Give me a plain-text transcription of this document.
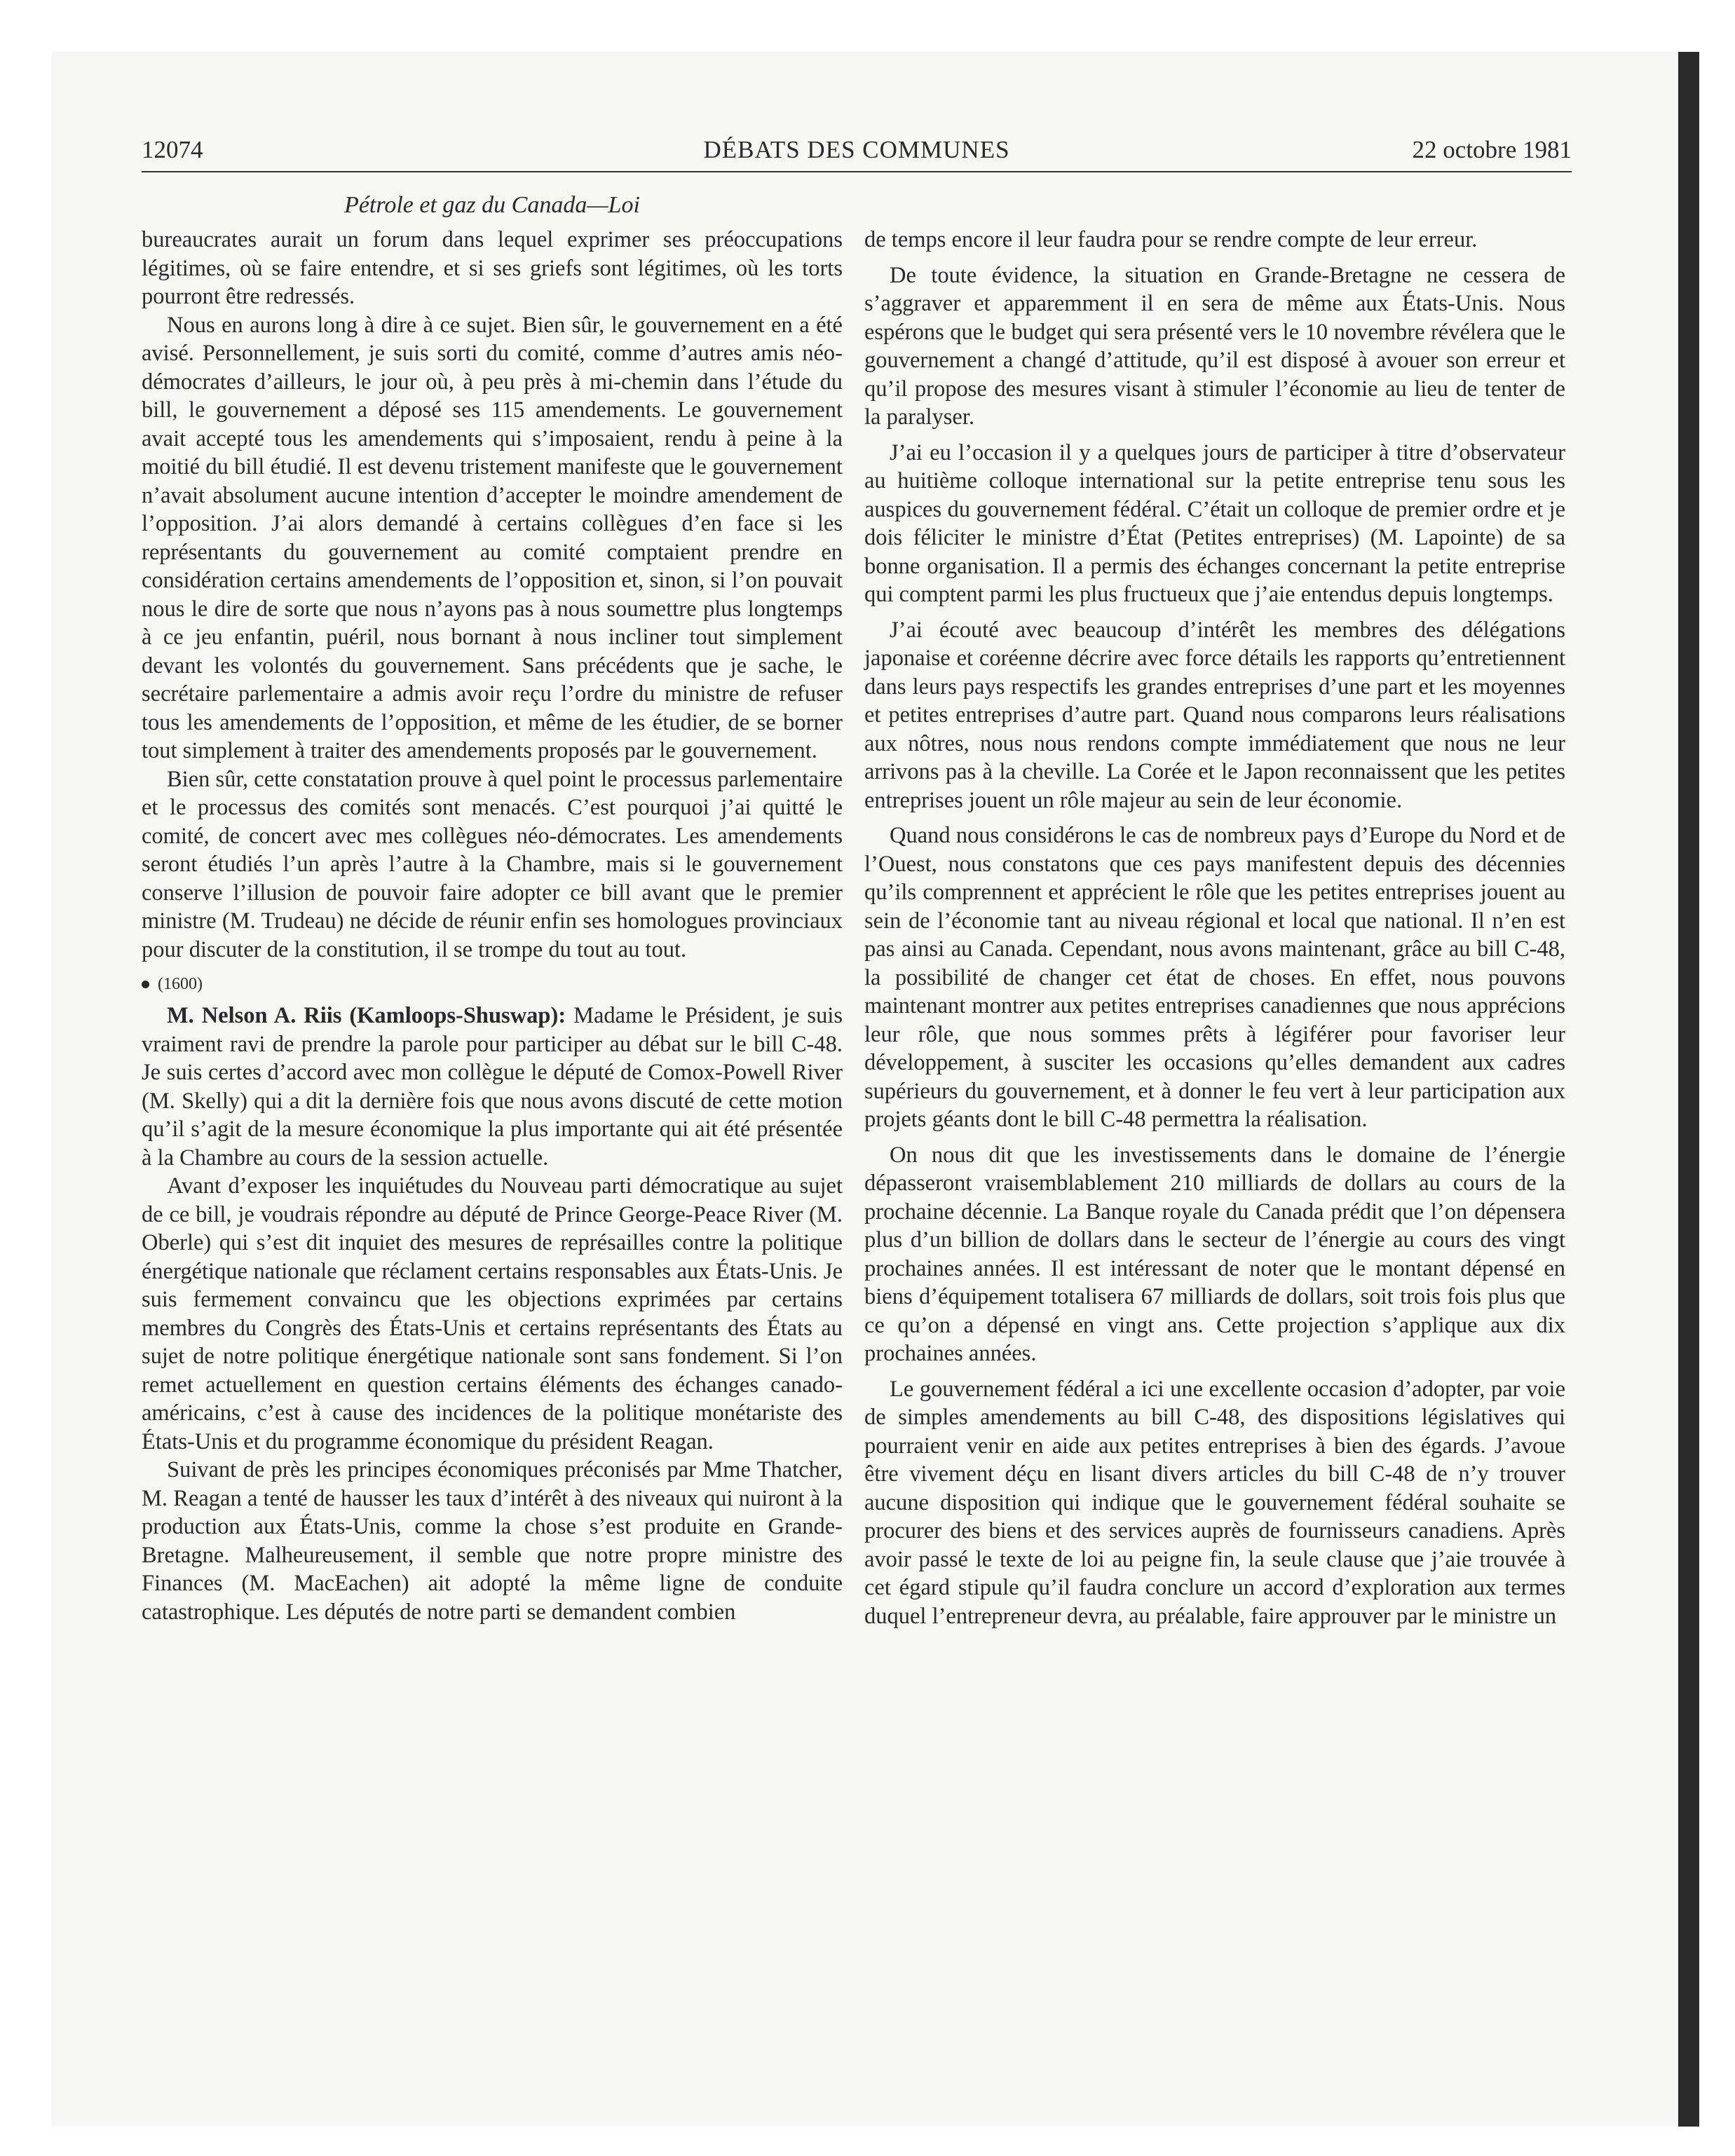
12074	DÉBATS DES COMMUNES	22 octobre 1981
Pétrole et gaz du Canada—Loi

bureaucrates aurait un forum dans lequel exprimer ses préoccupations légitimes, où se faire entendre, et si ses griefs sont légitimes, où les torts pourront être redressés.

Nous en aurons long à dire à ce sujet. Bien sûr, le gouvernement en a été avisé. Personnellement, je suis sorti du comité, comme d’autres amis néo-démocrates d’ailleurs, le jour où, à peu près à mi-chemin dans l’étude du bill, le gouvernement a déposé ses 115 amendements. Le gouvernement avait accepté tous les amendements qui s’imposaient, rendu à peine à la moitié du bill étudié. Il est devenu tristement manifeste que le gouvernement n’avait absolument aucune intention d’accepter le moindre amendement de l’opposition. J’ai alors demandé à certains collègues d’en face si les représentants du gouvernement au comité comptaient prendre en considération certains amendements de l’opposition et, sinon, si l’on pouvait nous le dire de sorte que nous n’ayons pas à nous soumettre plus longtemps à ce jeu enfantin, puéril, nous bornant à nous incliner tout simplement devant les volontés du gouvernement. Sans précédents que je sache, le secrétaire parlementaire a admis avoir reçu l’ordre du ministre de refuser tous les amendements de l’opposition, et même de les étudier, de se borner tout simplement à traiter des amendements proposés par le gouvernement.

Bien sûr, cette constatation prouve à quel point le processus parlementaire et le processus des comités sont menacés. C’est pourquoi j’ai quitté le comité, de concert avec mes collègues néo-démocrates. Les amendements seront étudiés l’un après l’autre à la Chambre, mais si le gouvernement conserve l’illusion de pouvoir faire adopter ce bill avant que le premier ministre (M. Trudeau) ne décide de réunir enfin ses homologues provinciaux pour discuter de la constitution, il se trompe du tout au tout.

(1600)

M. Nelson A. Riis (Kamloops-Shuswap): Madame le Président, je suis vraiment ravi de prendre la parole pour participer au débat sur le bill C-48. Je suis certes d’accord avec mon collègue le député de Comox-Powell River (M. Skelly) qui a dit la dernière fois que nous avons discuté de cette motion qu’il s’agit de la mesure économique la plus importante qui ait été présentée à la Chambre au cours de la session actuelle.

Avant d’exposer les inquiétudes du Nouveau parti démocratique au sujet de ce bill, je voudrais répondre au député de Prince George-Peace River (M. Oberle) qui s’est dit inquiet des mesures de représailles contre la politique énergétique nationale que réclament certains responsables aux États-Unis. Je suis fermement convaincu que les objections exprimées par certains membres du Congrès des États-Unis et certains représentants des États au sujet de notre politique énergétique nationale sont sans fondement. Si l’on remet actuellement en question certains éléments des échanges canado-américains, c’est à cause des incidences de la politique monétariste des États-Unis et du programme économique du président Reagan.

Suivant de près les principes économiques préconisés par Mme Thatcher, M. Reagan a tenté de hausser les taux d’intérêt à des niveaux qui nuiront à la production aux États-Unis, comme la chose s’est produite en Grande-Bretagne. Malheureusement, il semble que notre propre ministre des Finances (M. MacEachen) ait adopté la même ligne de conduite catastrophique. Les députés de notre parti se demandent combien

de temps encore il leur faudra pour se rendre compte de leur erreur.

De toute évidence, la situation en Grande-Bretagne ne cessera de s’aggraver et apparemment il en sera de même aux États-Unis. Nous espérons que le budget qui sera présenté vers le 10 novembre révélera que le gouvernement a changé d’attitude, qu’il est disposé à avouer son erreur et qu’il propose des mesures visant à stimuler l’économie au lieu de tenter de la paralyser.

J’ai eu l’occasion il y a quelques jours de participer à titre d’observateur au huitième colloque international sur la petite entreprise tenu sous les auspices du gouvernement fédéral. C’était un colloque de premier ordre et je dois féliciter le ministre d’État (Petites entreprises) (M. Lapointe) de sa bonne organisation. Il a permis des échanges concernant la petite entreprise qui comptent parmi les plus fructueux que j’aie entendus depuis longtemps.

J’ai écouté avec beaucoup d’intérêt les membres des délégations japonaise et coréenne décrire avec force détails les rapports qu’entretiennent dans leurs pays respectifs les grandes entreprises d’une part et les moyennes et petites entreprises d’autre part. Quand nous comparons leurs réalisations aux nôtres, nous nous rendons compte immédiatement que nous ne leur arrivons pas à la cheville. La Corée et le Japon reconnaissent que les petites entreprises jouent un rôle majeur au sein de leur économie.

Quand nous considérons le cas de nombreux pays d’Europe du Nord et de l’Ouest, nous constatons que ces pays manifestent depuis des décennies qu’ils comprennent et apprécient le rôle que les petites entreprises jouent au sein de l’économie tant au niveau régional et local que national. Il n’en est pas ainsi au Canada. Cependant, nous avons maintenant, grâce au bill C-48, la possibilité de changer cet état de choses. En effet, nous pouvons maintenant montrer aux petites entreprises canadiennes que nous apprécions leur rôle, que nous sommes prêts à légiférer pour favoriser leur développement, à susciter les occasions qu’elles demandent aux cadres supérieurs du gouvernement, et à donner le feu vert à leur participation aux projets géants dont le bill C-48 permettra la réalisation.

On nous dit que les investissements dans le domaine de l’énergie dépasseront vraisemblablement 210 milliards de dollars au cours de la prochaine décennie. La Banque royale du Canada prédit que l’on dépensera plus d’un billion de dollars dans le secteur de l’énergie au cours des vingt prochaines années. Il est intéressant de noter que le montant dépensé en biens d’équipement totalisera 67 milliards de dollars, soit trois fois plus que ce qu’on a dépensé en vingt ans. Cette projection s’applique aux dix prochaines années.

Le gouvernement fédéral a ici une excellente occasion d’adopter, par voie de simples amendements au bill C-48, des dispositions législatives qui pourraient venir en aide aux petites entreprises à bien des égards. J’avoue être vivement déçu en lisant divers articles du bill C-48 de n’y trouver aucune disposition qui indique que le gouvernement fédéral souhaite se procurer des biens et des services auprès de fournisseurs canadiens. Après avoir passé le texte de loi au peigne fin, la seule clause que j’aie trouvée à cet égard stipule qu’il faudra conclure un accord d’exploration aux termes duquel l’entrepreneur devra, au préalable, faire approuver par le ministre un
